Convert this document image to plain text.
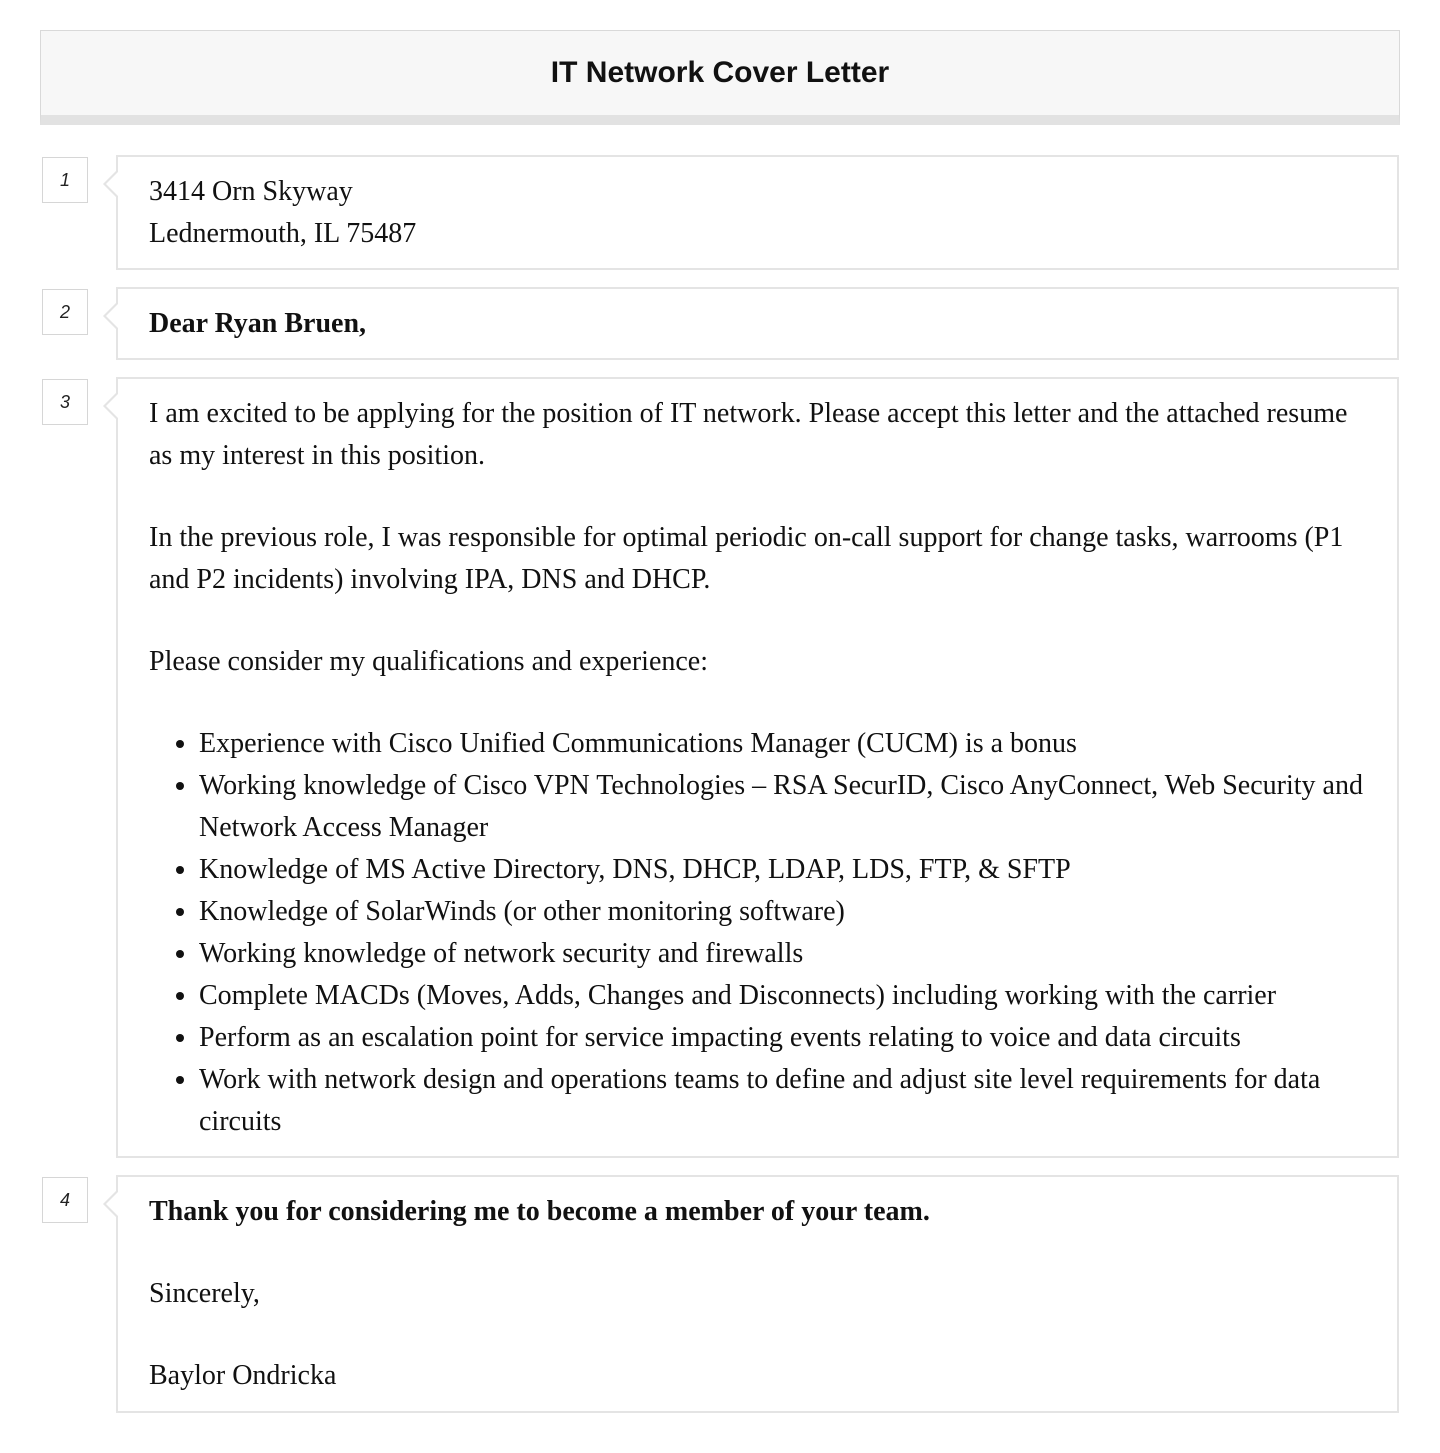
IT Network Cover Letter
1	3414 Orn Skyway

Lednermouth, IL 75487

2	Dear Ryan Bruen,

3	I am excited to be applying for the position of IT network. Please accept this letter and the attached resume as my interest in this position.

In the previous role, I was responsible for optimal periodic on-call support for change tasks, warrooms (P1 and P2 incidents) involving IPA, DNS and DHCP.

Please consider my qualifications and experience:

• Experience with Cisco Unified Communications Manager (CUCM) is a bonus
• Working knowledge of Cisco VPN Technologies – RSA SecurID, Cisco AnyConnect, Web Security and Network Access Manager
• Knowledge of MS Active Directory, DNS, DHCP, LDAP, LDS, FTP, & SFTP
• Knowledge of SolarWinds (or other monitoring software)
• Working knowledge of network security and firewalls
• Complete MACDs (Moves, Adds, Changes and Disconnects) including working with the carrier
• Perform as an escalation point for service impacting events relating to voice and data circuits
• Work with network design and operations teams to define and adjust site level requirements for data circuits
4	Thank you for considering me to become a member of your team.

Sincerely,

Baylor Ondricka
